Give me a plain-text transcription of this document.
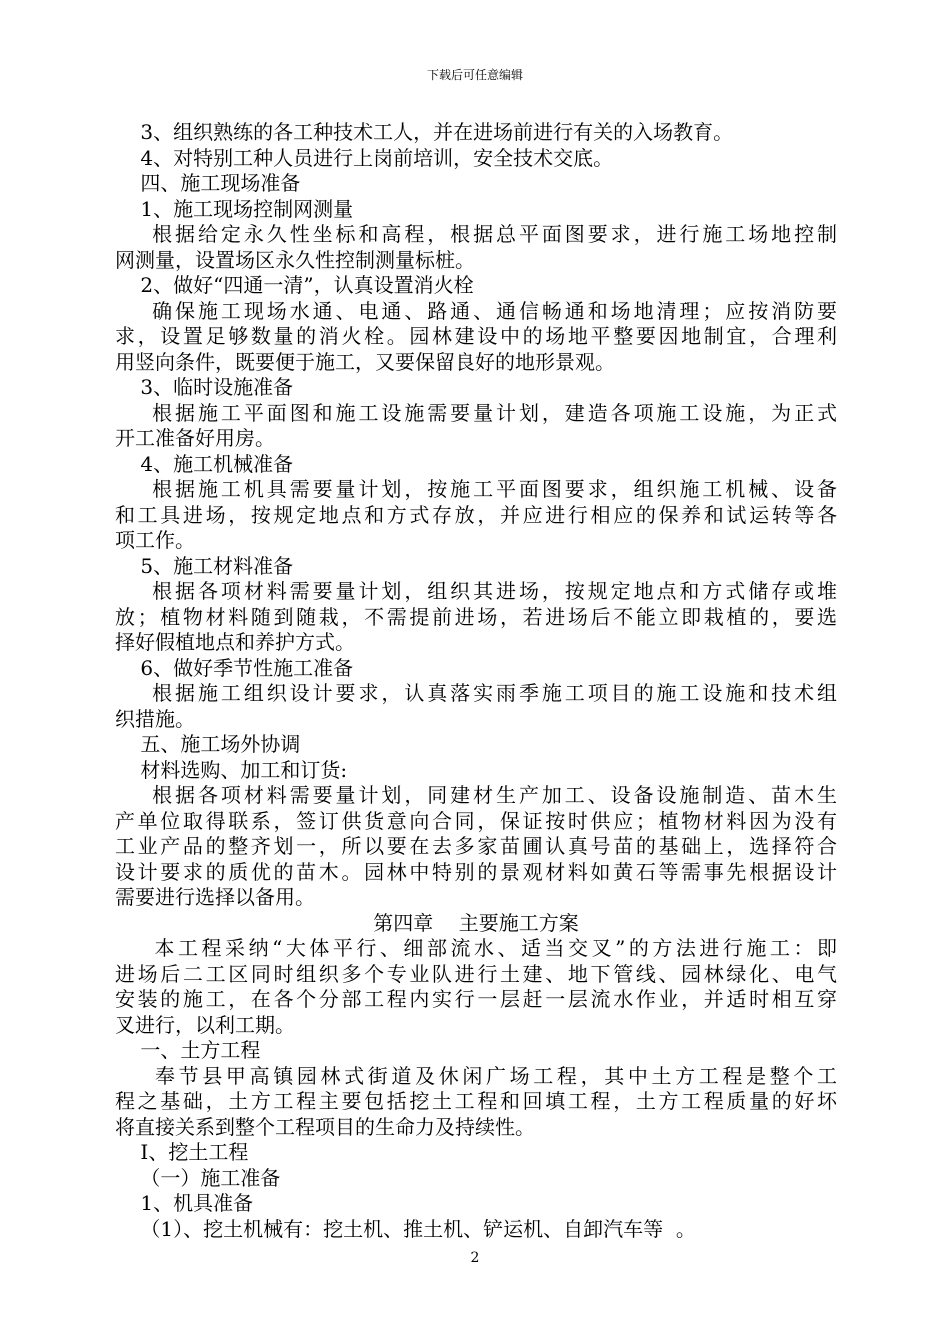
下载后可任意编辑
3、组织熟练的各工种技术工人，并在进场前进行有关的入场教育。
4、对特别工种人员进行上岗前培训，安全技术交底。
四、施工现场准备
1、施工现场控制网测量
根据给定永久性坐标和高程，根据总平面图要求，进行施工场地控制
网测量，设置场区永久性控制测量标桩。
2、做好“四通一清”，认真设置消火栓
确保施工现场水通、电通、路通、通信畅通和场地清理；应按消防要
求，设置足够数量的消火栓。园林建设中的场地平整要因地制宜，合理利
用竖向条件，既要便于施工，又要保留良好的地形景观。
3、临时设施准备
根据施工平面图和施工设施需要量计划，建造各项施工设施，为正式
开工准备好用房。
4、施工机械准备
根据施工机具需要量计划，按施工平面图要求，组织施工机械、设备
和工具进场，按规定地点和方式存放，并应进行相应的保养和试运转等各
项工作。
5、施工材料准备
根据各项材料需要量计划，组织其进场，按规定地点和方式储存或堆
放；植物材料随到随栽，不需提前进场，若进场后不能立即栽植的，要选
择好假植地点和养护方式。
6、做好季节性施工准备
根据施工组织设计要求，认真落实雨季施工项目的施工设施和技术组
织措施。
五、施工场外协调
材料选购、加工和订货:
根据各项材料需要量计划，同建材生产加工、设备设施制造、苗木生
产单位取得联系，签订供货意向合同，保证按时供应；植物材料因为没有
工业产品的整齐划一，所以要在去多家苗圃认真号苗的基础上，选择符合
设计要求的质优的苗木。园林中特别的景观材料如黄石等需事先根据设计
需要进行选择以备用。
第四章    主要施工方案
本工程采纳“大体平行、细部流水、适当交叉”的方法进行施工：即
进场后二工区同时组织多个专业队进行土建、地下管线、园林绿化、电气
安装的施工，在各个分部工程内实行一层赶一层流水作业，并适时相互穿
叉进行，以利工期。
一、土方工程
奉节县甲高镇园林式街道及休闲广场工程，其中土方工程是整个工
程之基础，土方工程主要包括挖土工程和回填工程，土方工程质量的好坏
将直接关系到整个工程项目的生命力及持续性。
Ⅰ、挖土工程
（一）施工准备
1、机具准备
（1）、挖土机械有：挖土机、推土机、铲运机、自卸汽车等  。
2
